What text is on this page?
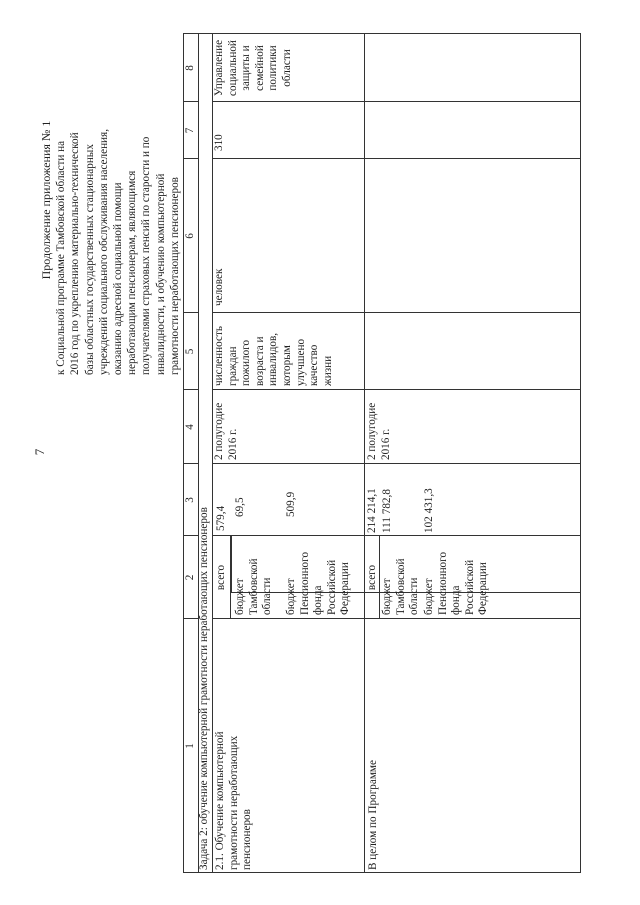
7
Продолжение приложения № 1 к Социальной программе Тамбовской области на 2016 год по укреплению материально-технической базы областных государственных стационарных учреждений социального обслуживания населения, оказанию адресной социальной помощи неработающим пенсионерам, являющимся получателями страховых пенсий по старости и по инвалидности, и обучению компьютерной грамотности неработающих пенсионеров
1
2
3
4
5
6
7
8
Задача 2: обучение компьютерной грамотности неработающих пенсионеров 2.1. Обучение компьютерной
грамотности неработающих
пенсионеров
всего
бюджет
Тамбовской
области бюджет
Пенсионного
фонда
Российской
Федерации
579,4 69,5	509,9
2 полугодие
2016 г.
численность
граждан
пожилого
возраста и
инвалидов,
которым
улучшено
качество
жизни
человек
310
Управление
социальной
защиты и
семейной
политики
области
В целом по Программе
всего
бюджет
Тамбовской
области бюджет
Пенсионного
фонда
Российской
Федерации
214 214,1 111 782,8	102 431,3
2 полугодие
2016 г.
